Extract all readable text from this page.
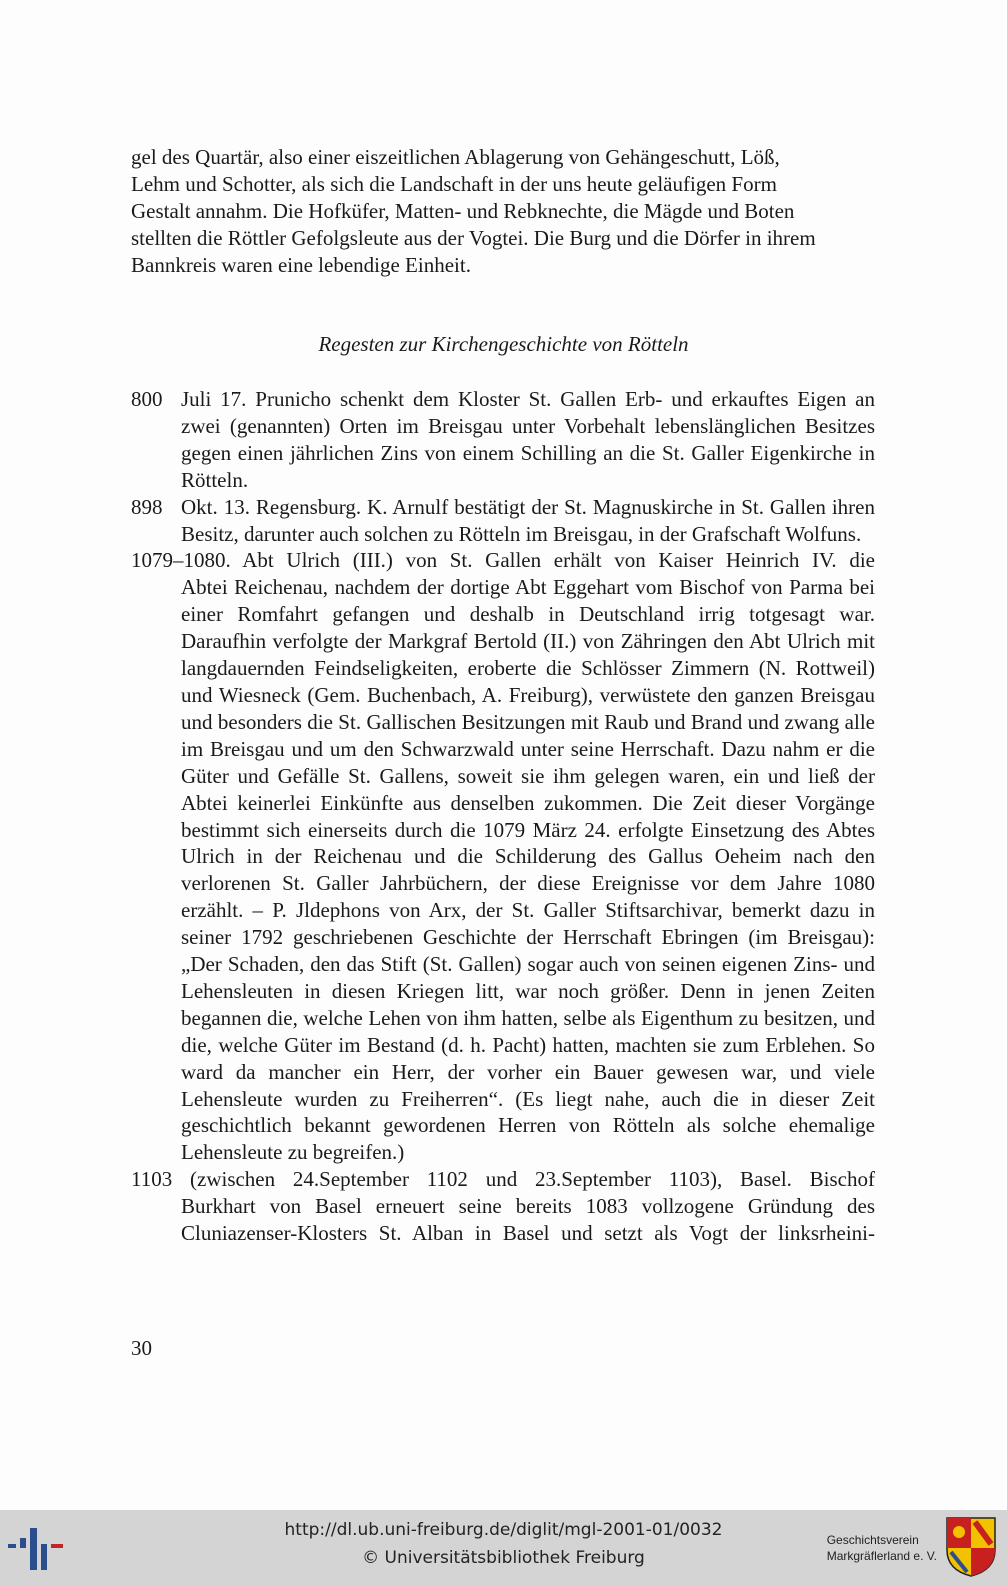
gel des Quartär, also einer eiszeitlichen Ablagerung von Gehängeschutt, Löß,
Lehm und Schotter, als sich die Landschaft in der uns heute geläufigen Form
Gestalt annahm. Die Hofküfer, Matten- und Rebknechte, die Mägde und Boten
stellten die Röttler Gefolgsleute aus der Vogtei. Die Burg und die Dörfer in ihrem
Bannkreis waren eine lebendige Einheit.
Regesten zur Kirchengeschichte von Rötteln
800 Juli 17. Prunicho schenkt dem Kloster St. Gallen Erb- und erkauftes Eigen an zwei (genannten) Orten im Breisgau unter Vorbehalt lebenslänglichen Besitzes gegen einen jährlichen Zins von einem Schilling an die St. Galler Eigenkirche in Rötteln.
898 Okt. 13. Regensburg. K. Arnulf bestätigt der St. Magnuskirche in St. Gallen ihren Besitz, darunter auch solchen zu Rötteln im Breisgau, in der Grafschaft Wolfuns.
1079–1080. Abt Ulrich (III.) von St. Gallen erhält von Kaiser Heinrich IV. die
Abtei Reichenau, nachdem der dortige Abt Eggehart vom Bischof von Parma bei einer Romfahrt gefangen und deshalb in Deutschland irrig totgesagt war. Daraufhin verfolgte der Markgraf Bertold (II.) von Zähringen den Abt Ulrich mit langdauernden Feindseligkeiten, eroberte die Schlösser Zimmern (N. Rottweil) und Wiesneck (Gem. Buchenbach, A. Freiburg), verwüstete den ganzen Breisgau und besonders die St. Gallischen Besitzungen mit Raub und Brand und zwang alle im Breisgau und um den Schwarzwald unter seine Herrschaft. Dazu nahm er die Güter und Gefälle St. Gallens, soweit sie ihm gelegen waren, ein und ließ der Abtei keinerlei Einkünfte aus denselben zukommen. Die Zeit dieser Vorgänge bestimmt sich einerseits durch die 1079 März 24. erfolgte Einsetzung des Abtes Ulrich in der Reichenau und die Schilderung des Gallus Oeheim nach den verlorenen St. Galler Jahrbüchern, der diese Ereignisse vor dem Jahre 1080 erzählt. – P. Jldephons von Arx, der St. Galler Stiftsarchivar, bemerkt dazu in seiner 1792 geschriebenen Geschichte der Herrschaft Ebringen (im Breisgau): „Der Schaden, den das Stift (St. Gallen) sogar auch von seinen eigenen Zins- und Lehensleuten in diesen Kriegen litt, war noch größer. Denn in jenen Zeiten begannen die, welche Lehen von ihm hatten, selbe als Eigenthum zu besitzen, und die, welche Güter im Bestand (d. h. Pacht) hatten, machten sie zum Erblehen. So ward da mancher ein Herr, der vorher ein Bauer gewesen war, und viele Lehensleute wurden zu Freiherren“. (Es liegt nahe, auch die in dieser Zeit geschichtlich bekannt gewordenen Herren von Rötteln als solche ehemalige Lehensleute zu begreifen.)
1103 (zwischen 24.September 1102 und 23.September 1103), Basel. Bischof
Burkhart von Basel erneuert seine bereits 1083 vollzogene Gründung des Cluniazenser-Klosters St. Alban in Basel und setzt als Vogt der linksrheini-
30
http://dl.ub.uni-freiburg.de/diglit/mgl-2001-01/0032
© Universitätsbibliothek Freiburg
Geschichtsverein
Markgräflerland e. V.
